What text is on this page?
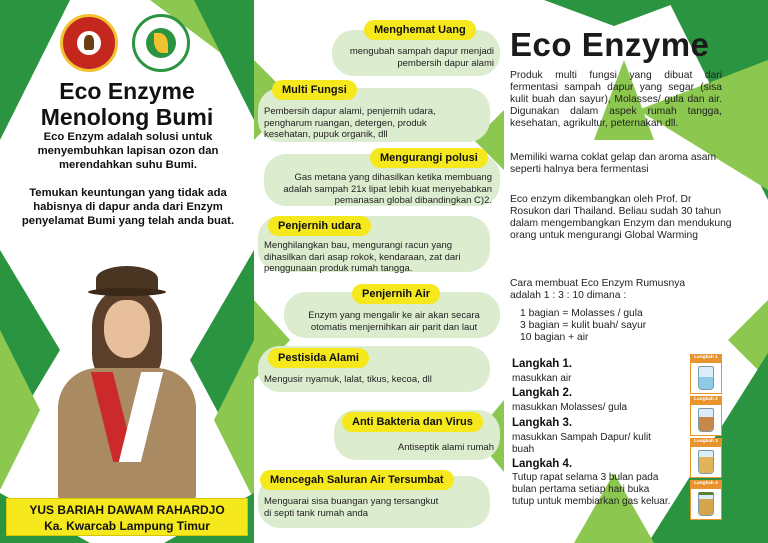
Eco Enzyme
Menolong Bumi
Eco Enzym adalah solusi untuk menyembuhkan lapisan ozon dan merendahkan suhu Bumi.
Temukan keuntungan yang tidak ada habisnya di dapur anda dari Enzym penyelamat Bumi yang telah anda buat.
YUS BARIAH DAWAM RAHARDJO
Ka. Kwarcab Lampung Timur
Menghemat Uang
mengubah sampah dapur menjadi pembersih dapur alami
Multi Fungsi
Pembersih dapur alami, penjernih udara, pengharum ruangan, detergen, produk kesehatan, pupuk organik, dll
Mengurangi polusi
Gas metana yang dihasilkan ketika membuang adalah sampah 21x lipat lebih kuat menyebabkan pemanasan global dibandingkan C)2.
Penjernih udara
Menghilangkan bau, mengurangi racun yang dihasilkan dari asap rokok, kendaraan, zat dari penggunaan produk rumah tangga.
Penjernih Air
Enzym yang mengalir ke air akan secara otomatis menjernihkan air parit dan laut
Pestisida Alami
Mengusir nyamuk, lalat, tikus, kecoa, dll
Anti Bakteria dan Virus
Antiseptik alami rumah
Mencegah Saluran Air Tersumbat
Menguarai sisa buangan yang tersangkut di septi tank rumah anda
Eco Enzyme
Produk multi fungsi yang dibuat dari fermentasi sampah dapur yang segar (sisa kulit buah dan sayur), Molasses/ gula dan air. Digunakan dalam aspek rumah tangga, kesehatan, agrikultur, peternakan dll.
Memiliki warna coklat gelap dan aroma asam seperti halnya bera fermentasi
Eco enzym dikembangkan oleh Prof. Dr Rosukon dari Thailand. Beliau sudah 30 tahun dalam mengembangkan Enzym dan mendukung orang untuk mengurangi Global Warming
Cara membuat Eco Enzym Rumusnya adalah 1 : 3 : 10 dimana :
1 bagian = Molasses / gula
3 bagian = kulit buah/ sayur
10 bagian + air
Langkah 1.
masukkan air
Langkah 2.
masukkan Molasses/ gula
Langkah 3.
masukkan Sampah Dapur/ kulit buah
Langkah 4.
Tutup rapat selama 3 bulan pada bulan pertama setiap hari buka tutup untuk membiarkan gas keluar.
Langkah 1
Langkah 2
Langkah 3
Langkah 4
